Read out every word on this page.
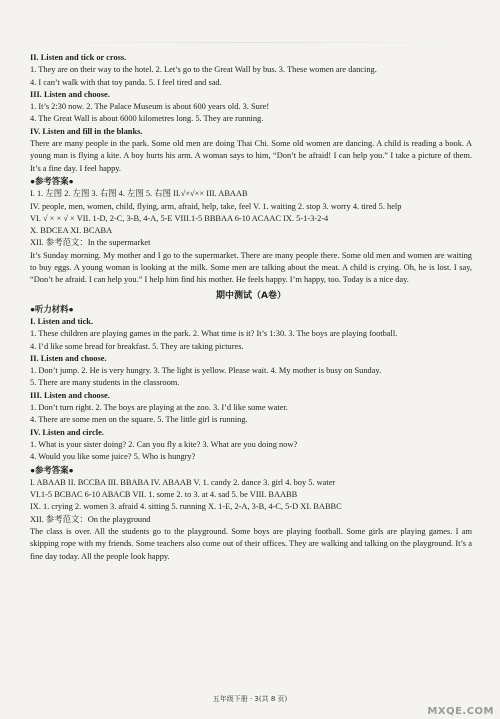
II. Listen and tick or cross.
1. They are on their way to the hotel. 2. Let’s go to the Great Wall by bus. 3. These women are dancing.
4. I can’t walk with that toy panda. 5. I feel tired and sad.
III. Listen and choose.
1. It’s 2:30 now. 2. The Palace Museum is about 600 years old. 3. Sure!
4. The Great Wall is about 6000 kilometres long. 5. They are running.
IV. Listen and fill in the blanks.
There are many people in the park. Some old men are doing Thai Chi. Some old women are dancing. A child is reading a book. A young man is flying a kite. A boy hurts his arm. A woman says to him, “Don’t be afraid! I can help you.” I take a picture of them. It’s a fine day. I feel happy.
●参考答案●
I. 1. 左图 2. 左图 3. 右图 4. 左图 5. 右图 II.√×√×× III. ABAAB
IV. people, men, women, child, flying, arm, afraid, help, take, feel V. 1. waiting 2. stop 3. worry 4. tired 5. help
VI. √ × × √ × VII. 1-D, 2-C, 3-B, 4-A, 5-E VIII.1-5 BBBAA 6-10 ACAAC IX. 5-1-3-2-4
X. BDCEA XI. BCABA
XII. 参考范文：In the supermarket
It’s Sunday morning. My mother and I go to the supermarket. There are many people there. Some old men and women are waiting to buy eggs. A young woman is looking at the milk. Some men are talking about the meat. A child is crying. Oh, he is lost. I say, “Don’t be afraid. I can help you.” I help him find his mother. He feels happy. I’m happy, too. Today is a nice day.
期中测试（A卷）
●听力材料●
I. Listen and tick.
1. These children are playing games in the park. 2. What time is it? It’s 1:30. 3. The boys are playing football.
4. I’d like some bread for breakfast. 5. They are taking pictures.
II. Listen and choose.
1. Don’t jump. 2. He is very hungry. 3. The light is yellow. Please wait. 4. My mother is busy on Sunday.
5. There are many students in the classroom.
III. Listen and choose.
1. Don’t turn right. 2. The boys are playing at the zoo. 3. I’d like some water.
4. There are some men on the square. 5. The little girl is running.
IV. Listen and circle.
1. What is your sister doing? 2. Can you fly a kite? 3. What are you doing now?
4. Would you like some juice? 5. Who is hungry?
●参考答案●
I. ABAAB II. BCCBA III. BBABA IV. ABAAB V. 1. candy 2. dance 3. girl 4. boy 5. water
VI.1-5 BCBAC 6-10 ABACB VII. 1. some 2. to 3. at 4. sad 5. be VIII. BAABB
IX. 1. crying 2. women 3. afraid 4. sitting 5. running X. 1-E, 2-A, 3-B, 4-C, 5-D XI. BABBC
XII. 参考范文：On the playground
The class is over. All the students go to the playground. Some boys are playing football. Some girls are playing games. I am skipping rope with my friends. Some teachers also come out of their offices. They are walking and talking on the playground. It’s a fine day today. All the people look happy.
五年级下册 · 3(共 8 页)
MXQE.COM
